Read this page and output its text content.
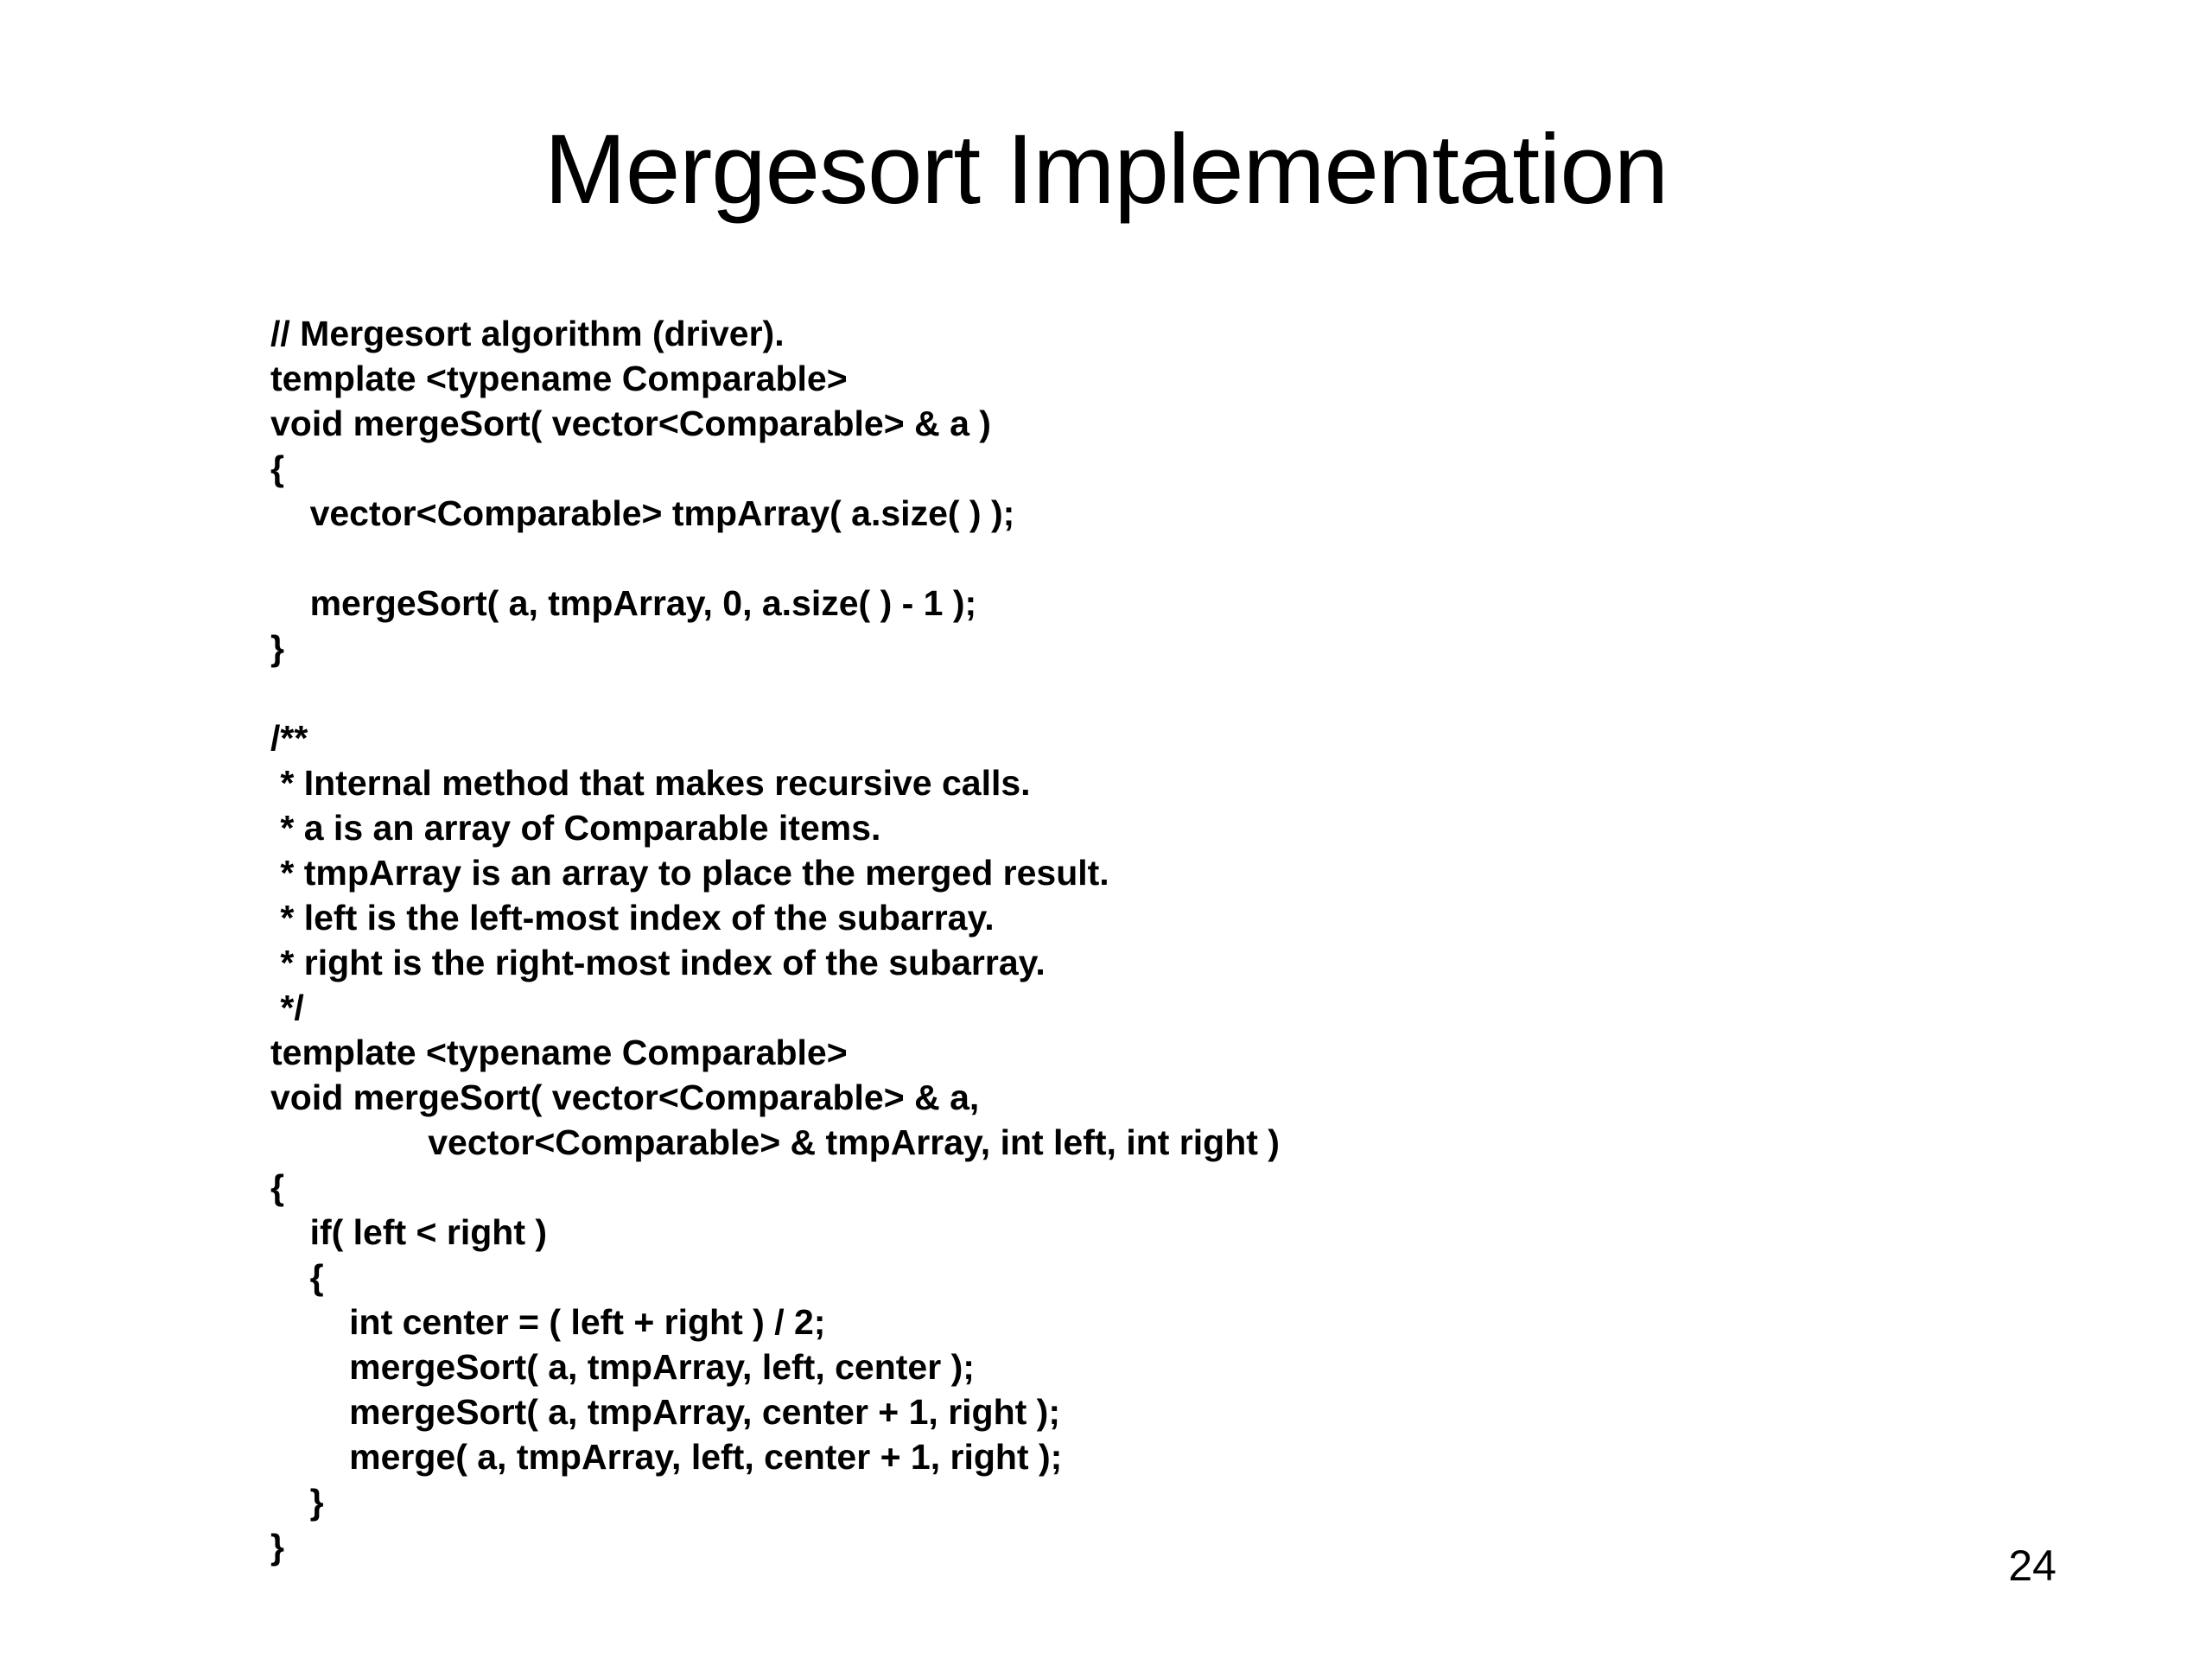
Mergesort Implementation
// Mergesort algorithm (driver).
template <typename Comparable>
void mergeSort( vector<Comparable> & a )
{
vector<Comparable> tmpArray( a.size( ) );
mergeSort( a, tmpArray, 0, a.size( ) - 1 );
}
/**
* Internal method that makes recursive calls.
* a is an array of Comparable items.
* tmpArray is an array to place the merged result.
* left is the left-most index of the subarray.
* right is the right-most index of the subarray.
*/
template <typename Comparable>
void mergeSort( vector<Comparable> & a,
vector<Comparable> & tmpArray, int left, int right )
{
if( left < right )
{
int center = ( left + right ) / 2;
mergeSort( a, tmpArray, left, center );
mergeSort( a, tmpArray, center + 1, right );
merge( a, tmpArray, left, center + 1, right );
}
}	24
